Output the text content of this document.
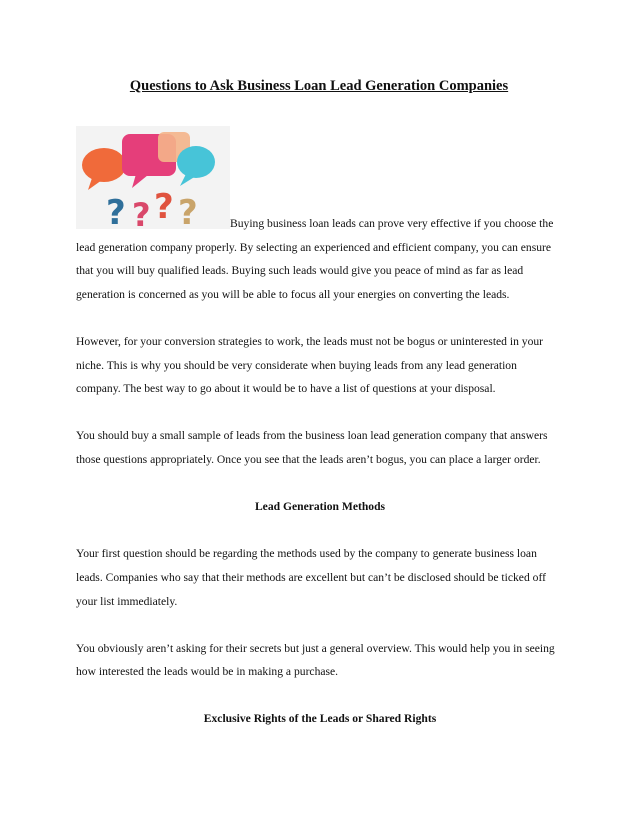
Questions to Ask Business Loan Lead Generation Companies

? ? ? ?	Buying business loan leads can prove very effective if you choose the lead generation company properly. By selecting an experienced and efficient company, you can ensure that you will buy qualified leads. Buying such leads would give you peace of mind as far as lead generation is concerned as you will be able to focus all your energies on converting the leads.

However, for your conversion strategies to work, the leads must not be bogus or uninterested in your niche. This is why you should be very considerate when buying leads from any lead generation company. The best way to go about it would be to have a list of questions at your disposal.

You should buy a small sample of leads from the business loan lead generation company that answers those questions appropriately. Once you see that the leads aren’t bogus, you can place a larger order.

Lead Generation Methods

Your first question should be regarding the methods used by the company to generate business loan leads. Companies who say that their methods are excellent but can’t be disclosed should be ticked off your list immediately.

You obviously aren’t asking for their secrets but just a general overview. This would help you in seeing how interested the leads would be in making a purchase.

Exclusive Rights of the Leads or Shared Rights
